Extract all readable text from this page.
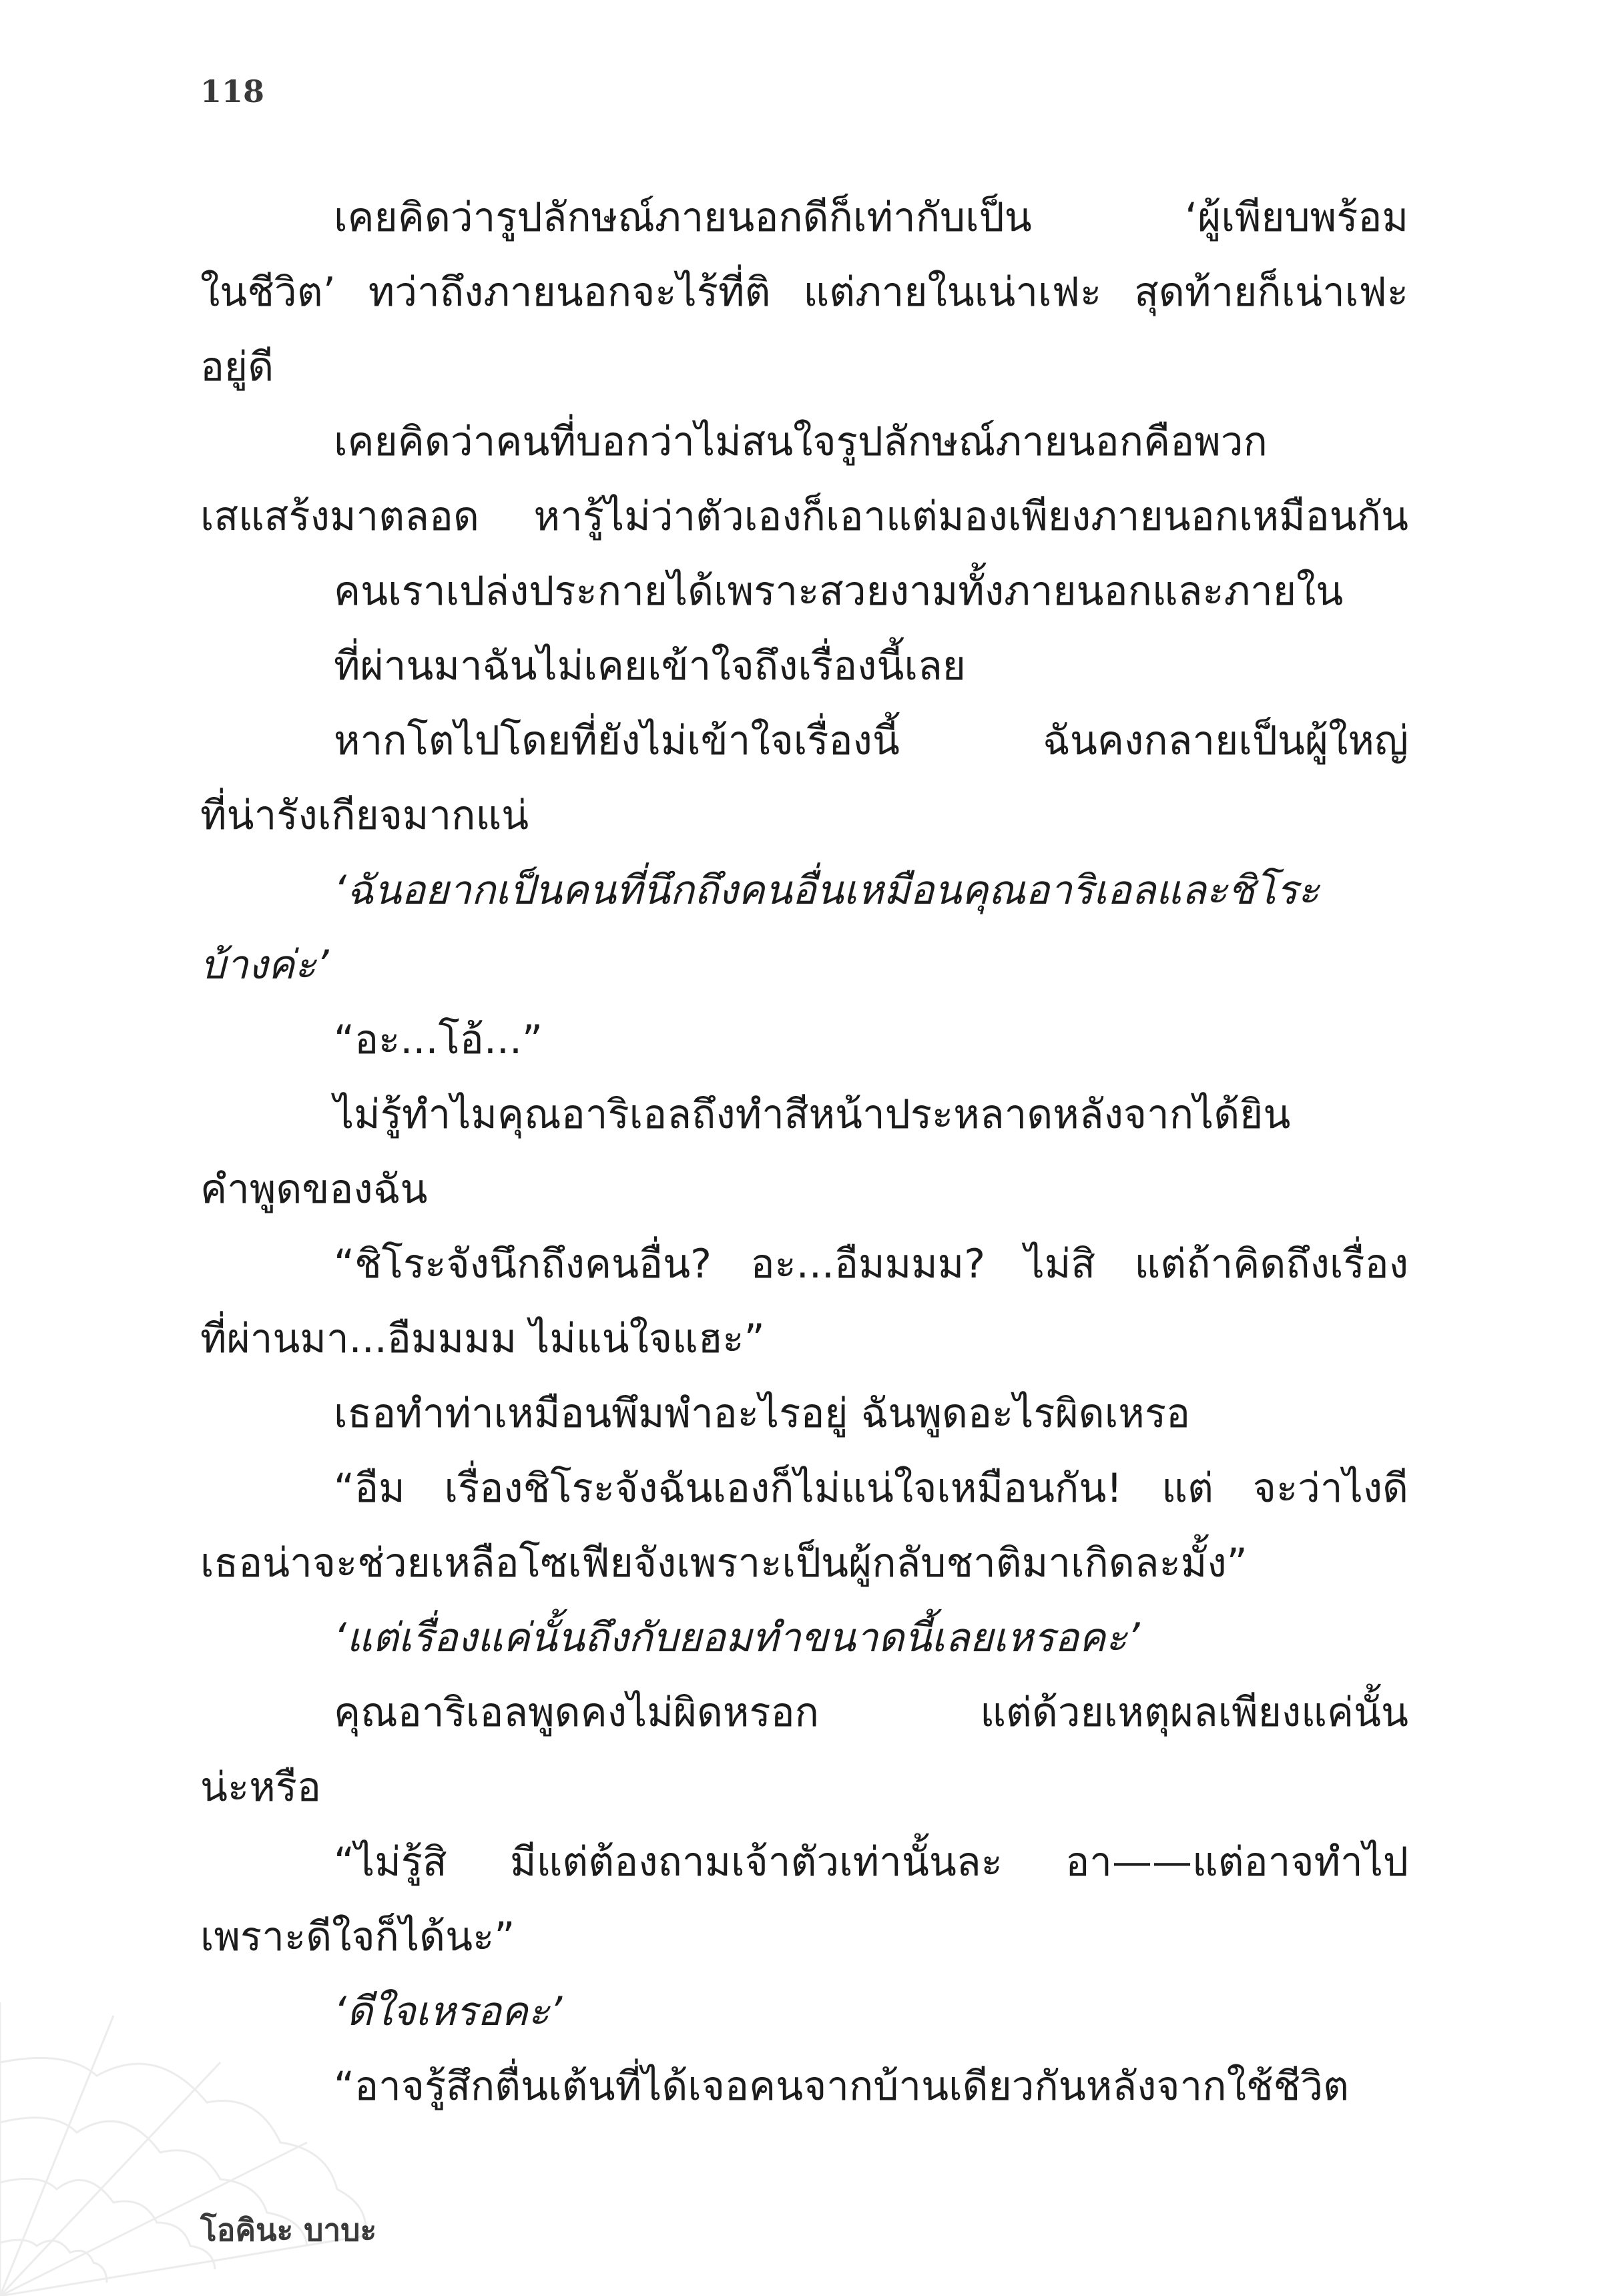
118
เคยคิดว่ารูปลักษณ์ภายนอกดีก็เท่ากับเป็น ‘ผู้เพียบพร้อม
ในชีวิต’ ทว่าถึงภายนอกจะไร้ที่ติ แต่ภายในเน่าเฟะ สุดท้ายก็เน่าเฟะ
อยู่ดี
เคยคิดว่าคนที่บอกว่าไม่สนใจรูปลักษณ์ภายนอกคือพวก
เสแสร้งมาตลอด หารู้ไม่ว่าตัวเองก็เอาแต่มองเพียงภายนอกเหมือนกัน
คนเราเปล่งประกายได้เพราะสวยงามทั้งภายนอกและภายใน
ที่ผ่านมาฉันไม่เคยเข้าใจถึงเรื่องนี้เลย
หากโตไปโดยที่ยังไม่เข้าใจเรื่องนี้ ฉันคงกลายเป็นผู้ใหญ่
ที่น่ารังเกียจมากแน่
‘ฉันอยากเป็นคนที่นึกถึงคนอื่นเหมือนคุณอาริเอลและชิโระ
บ้างค่ะ’
“อะ...โอ้...”
ไม่รู้ทำไมคุณอาริเอลถึงทำสีหน้าประหลาดหลังจากได้ยิน
คำพูดของฉัน
“ชิโระจังนึกถึงคนอื่น? อะ...อืมมมม? ไม่สิ แต่ถ้าคิดถึงเรื่อง
ที่ผ่านมา...อืมมมม ไม่แน่ใจแฮะ”
เธอทำท่าเหมือนพึมพำอะไรอยู่ ฉันพูดอะไรผิดเหรอ
“อืม เรื่องชิโระจังฉันเองก็ไม่แน่ใจเหมือนกัน! แต่ จะว่าไงดี
เธอน่าจะช่วยเหลือโซเฟียจังเพราะเป็นผู้กลับชาติมาเกิดละมั้ง”
‘แต่เรื่องแค่นั้นถึงกับยอมทำขนาดนี้เลยเหรอคะ’
คุณอาริเอลพูดคงไม่ผิดหรอก แต่ด้วยเหตุผลเพียงแค่นั้น
น่ะหรือ
“ไม่รู้สิ มีแต่ต้องถามเจ้าตัวเท่านั้นละ อา——แต่อาจทำไป
เพราะดีใจก็ได้นะ”
‘ดีใจเหรอคะ’
“อาจรู้สึกตื่นเต้นที่ได้เจอคนจากบ้านเดียวกันหลังจากใช้ชีวิต
โอคินะ บาบะ
